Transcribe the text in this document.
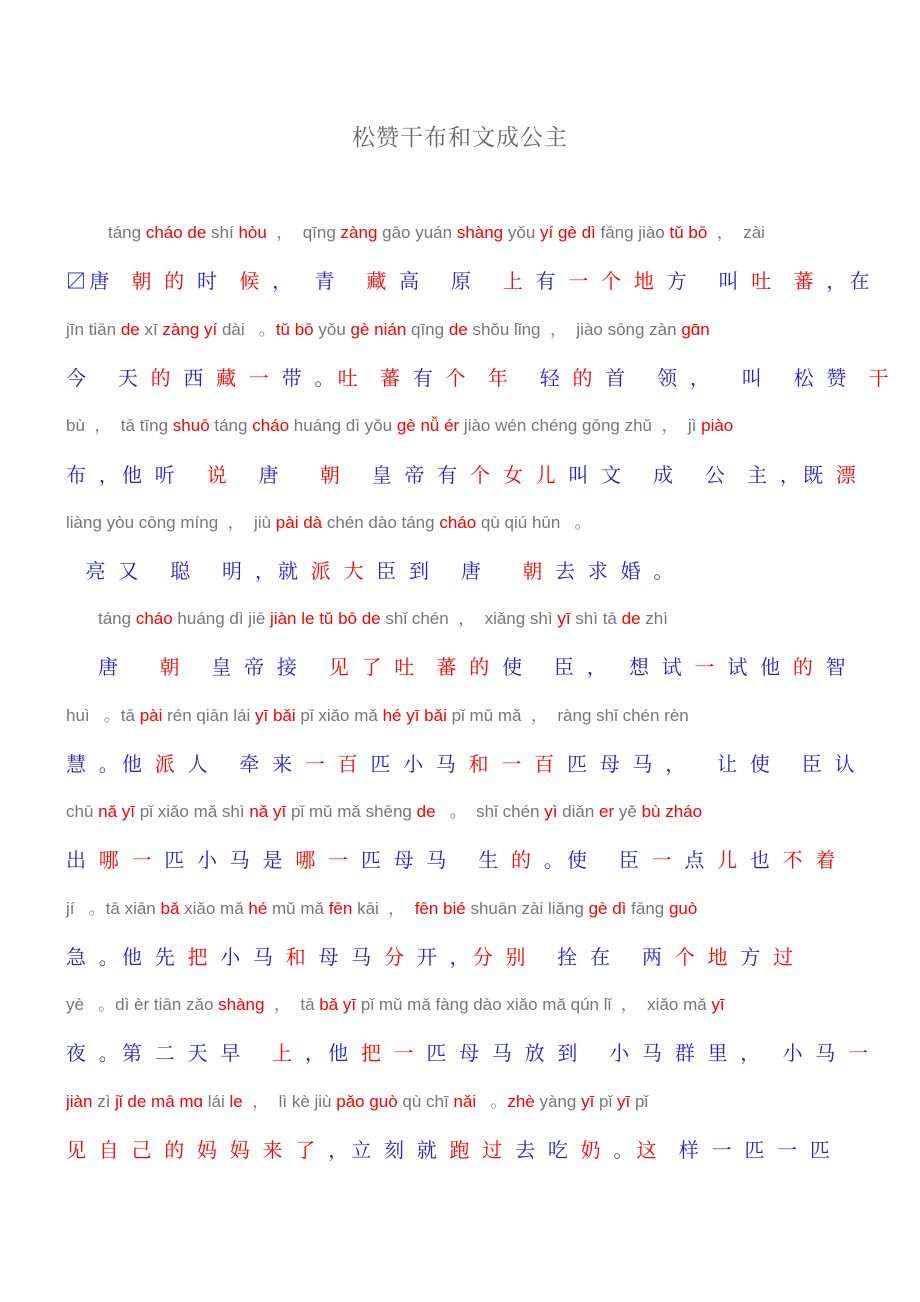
松赞干布和文成公主
táng cháo de shí hòu ，  qīng zàng gāo yuán shàng yǒu yí gè dì fāng jiào tǔ bō ，  zài
〼 唐 朝 的 时 候 ，  青 藏 高   原 上 有 一 个 地 方   叫 吐  蕃 ，在
jīn tiān de xī zàng yí dài   。 tǔ bō yǒu gè nián qīng de shǒu lǐng  ，  jiào sōng zàn gɑ̄n
今   天 的 西 藏 一 带 。 吐  蕃 有 个  年 轻 的 首   领 ，   叫   松 赞 干
bù  ，  tā tīng shuō táng cháo huáng dì yǒu gè nǚ ér jiào wén chéng gōng zhǔ  ，  jì piào
布 ，他 听 说 唐 朝 皇 帝 有 个 女 儿 叫 文   成   公  主 ，既 漂
liàng yòu cōng míng  ，  jiù pài dà chén dào táng cháo qù qiú hūn   。
亮 又   聪   明 ，就 派 大 臣 到   唐 朝 去 求 婚 。
táng cháo huáng dì jiē jiàn le tǔ bō de shǐ chén  ，  xiǎng shì yī shì tā de zhì
唐 朝 皇 帝 接 见 了 吐  蕃 的 使   臣 ，  想 试 一 试 他 的 智
huì   。tā pài rén qiān lái yī bǎi pǐ xiǎo mǎ hé yī bǎi pǐ mǔ mǎ  ，  ràng shǐ chén rèn
慧 。他 派 人   牵 来 一 百 匹 小 马 和 一 百 匹 母 马 ，   让 使   臣 认
chū nǎ yī pǐ xiǎo mǎ shì nǎ yī pǐ mǔ mǎ shēng de 。  shǐ chén yì diǎn er yě bù zháo
出 哪 一 匹 小 马 是 哪 一 匹 母 马   生 的 。使   臣 一 点 儿 也 不 着
jí   。tā xiān bǎ xiǎo mǎ hé mǔ mǎ fēn kāi  ， fēn bié shuān zài liǎng gè dì fāng guò
急 。他 先 把 小 马 和 母 马 分 开 ， 分 别 拴 在   两 个 地 方 过
yè   。dì èr tiān zǎo shàng ，  tā bǎ yī pǐ mǔ mǎ fàng dào xiǎo mǎ qún lǐ  ，  xiǎo mǎ yī
夜 。第 二 天 早 上 ，他 把 一 匹 母 马 放 到   小 马 群 里 ，  小 马 一
jiàn zì jǐ de mā mɑ lái le ，  lì kè jiù pǎo guò qù chī nǎi 。 zhè yàng yī pǐ yī pǐ
见 自 己 的 妈 妈 来 了 ，立 刻 就 跑 过 去 吃 奶 。 这 样 一 匹 一 匹
